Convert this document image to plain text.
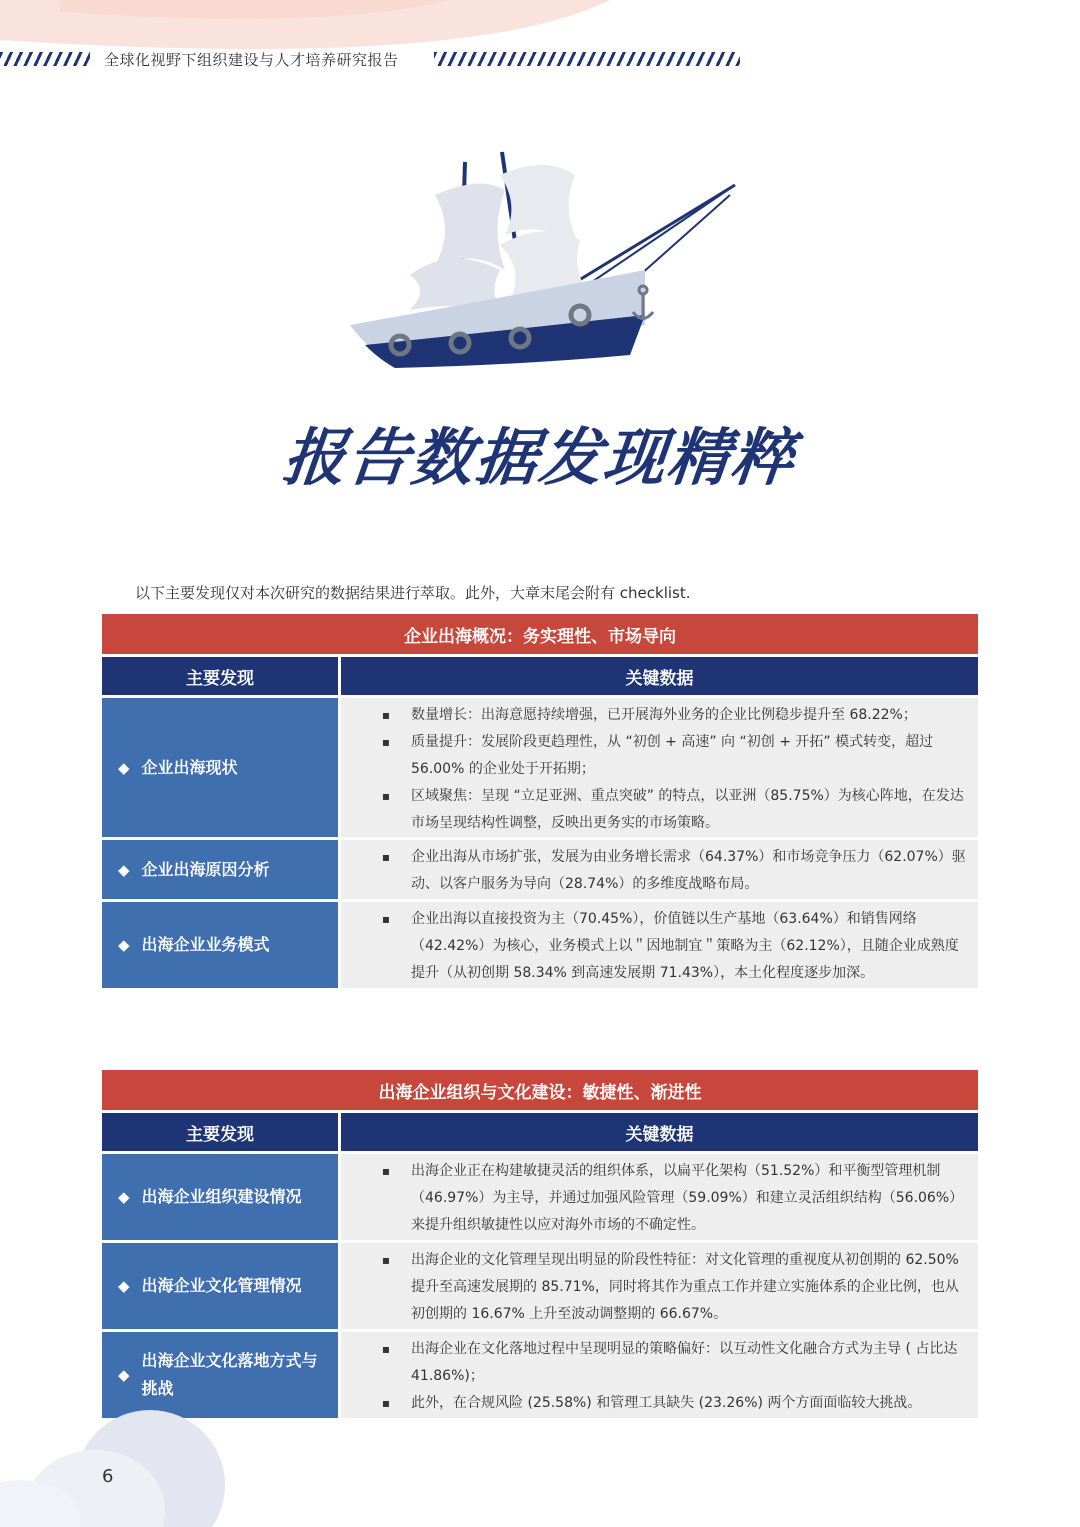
全球化视野下组织建设与人才培养研究报告
报告数据发现精粹
以下主要发现仅对本次研究的数据结果进行萃取。此外，大章末尾会附有 checklist.
企业出海概况：务实理性、市场导向
主要发现	关键数据
◆ 企业出海现状
▪	数量增长：出海意愿持续增强，已开展海外业务的企业比例稳步提升至 68.22%；
▪	质量提升：发展阶段更趋理性，从 “初创 + 高速” 向 “初创 + 开拓” 模式转变，超过 56.00% 的企业处于开拓期；
▪	区域聚焦：呈现 “立足亚洲、重点突破” 的特点，以亚洲（85.75%）为核心阵地，在发达市场呈现结构性调整，反映出更务实的市场策略。
◆ 企业出海原因分析
▪	企业出海从市场扩张，发展为由业务增长需求（64.37%）和市场竞争压力（62.07%）驱动、以客户服务为导向（28.74%）的多维度战略布局。
◆ 出海企业业务模式
▪	企业出海以直接投资为主（70.45%），价值链以生产基地（63.64%）和销售网络（42.42%）为核心，业务模式上以＂因地制宜＂策略为主（62.12%），且随企业成熟度提升（从初创期 58.34% 到高速发展期 71.43%），本土化程度逐步加深。
出海企业组织与文化建设：敏捷性、渐进性
主要发现	关键数据
◆ 出海企业组织建设情况
▪	出海企业正在构建敏捷灵活的组织体系，以扁平化架构（51.52%）和平衡型管理机制（46.97%）为主导，并通过加强风险管理（59.09%）和建立灵活组织结构（56.06%）来提升组织敏捷性以应对海外市场的不确定性。
◆ 出海企业文化管理情况
▪	出海企业的文化管理呈现出明显的阶段性特征：对文化管理的重视度从初创期的 62.50% 提升至高速发展期的 85.71%，同时将其作为重点工作并建立实施体系的企业比例，也从初创期的 16.67% 上升至波动调整期的 66.67%。
◆
出海企业文化落地方式与挑战
▪	出海企业在文化落地过程中呈现明显的策略偏好：以互动性文化融合方式为主导 ( 占比达 41.86%)；
▪	此外，在合规风险 (25.58%) 和管理工具缺失 (23.26%) 两个方面面临较大挑战。
6
